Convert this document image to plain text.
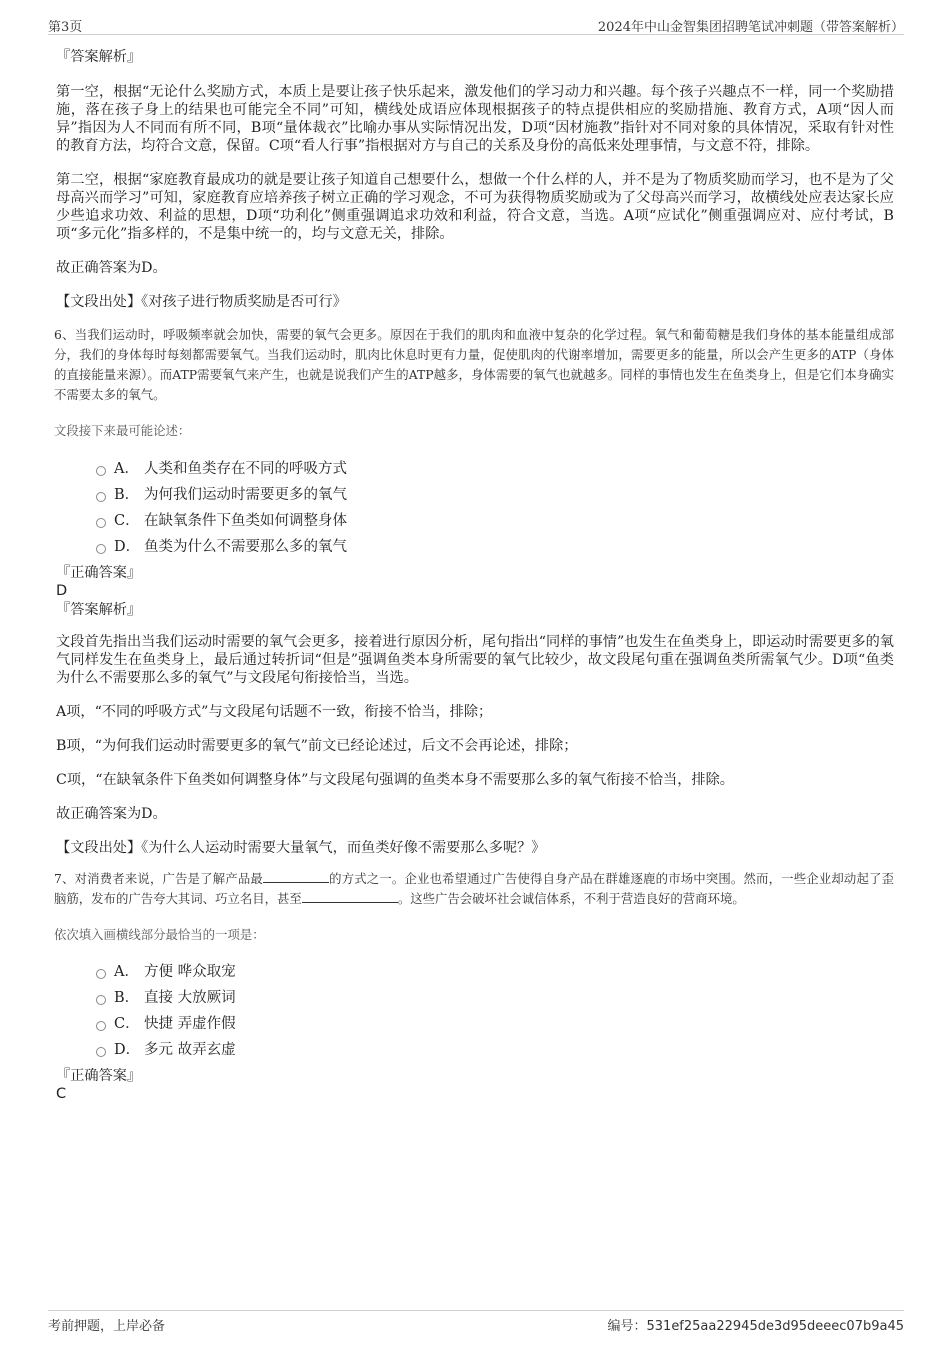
第3页	2024年中山金智集团招聘笔试冲刺题（带答案解析）
『答案解析』

第一空，根据“无论什么奖励方式，本质上是要让孩子快乐起来，激发他们的学习动力和兴趣。每个孩子兴趣点不一样，同一个奖励措施，落在孩子身上的结果也可能完全不同”可知，横线处成语应体现根据孩子的特点提供相应的奖励措施、教育方式，A项“因人而异”指因为人不同而有所不同，B项“量体裁衣”比喻办事从实际情况出发，D项“因材施教”指针对不同对象的具体情况，采取有针对性的教育方法，均符合文意，保留。C项“看人行事”指根据对方与自己的关系及身份的高低来处理事情，与文意不符，排除。

第二空，根据“家庭教育最成功的就是要让孩子知道自己想要什么，想做一个什么样的人，并不是为了物质奖励而学习，也不是为了父母高兴而学习”可知，家庭教育应培养孩子树立正确的学习观念，不可为获得物质奖励或为了父母高兴而学习，故横线处应表达家长应少些追求功效、利益的思想，D项“功利化”侧重强调追求功效和利益，符合文意，当选。A项“应试化”侧重强调应对、应付考试，B项“多元化”指多样的，不是集中统一的，均与文意无关，排除。

故正确答案为D。

【文段出处】《对孩子进行物质奖励是否可行》

6、当我们运动时，呼吸频率就会加快，需要的氧气会更多。原因在于我们的肌肉和血液中复杂的化学过程。氧气和葡萄糖是我们身体的基本能量组成部分，我们的身体每时每刻都需要氧气。当我们运动时，肌肉比休息时更有力量，促使肌肉的代谢率增加，需要更多的能量，所以会产生更多的ATP（身体的直接能量来源）。而ATP需要氧气来产生，也就是说我们产生的ATP越多，身体需要的氧气也就越多。同样的事情也发生在鱼类身上，但是它们本身确实不需要太多的氧气。
文段接下来最可能论述：
A． 人类和鱼类存在不同的呼吸方式
B． 为何我们运动时需要更多的氧气
C． 在缺氧条件下鱼类如何调整身体
D． 鱼类为什么不需要那么多的氧气
『正确答案』
D
『答案解析』

文段首先指出当我们运动时需要的氧气会更多，接着进行原因分析，尾句指出“同样的事情”也发生在鱼类身上，即运动时需要更多的氧气同样发生在鱼类身上，最后通过转折词“但是”强调鱼类本身所需要的氧气比较少，故文段尾句重在强调鱼类所需氧气少。D项“鱼类为什么不需要那么多的氧气”与文段尾句衔接恰当，当选。

A项，“不同的呼吸方式”与文段尾句话题不一致，衔接不恰当，排除；

B项，“为何我们运动时需要更多的氧气”前文已经论述过，后文不会再论述，排除；

C项，“在缺氧条件下鱼类如何调整身体”与文段尾句强调的鱼类本身不需要那么多的氧气衔接不恰当，排除。

故正确答案为D。

【文段出处】《为什么人运动时需要大量氧气，而鱼类好像不需要那么多呢？》

7、对消费者来说，广告是了解产品最	的方式之一。企业也希望通过广告使得自身产品在群雄逐鹿的市场中突围。然而，一些企业却动起了歪脑筋，发布的广告夸大其词、巧立名目，甚至	。这些广告会破坏社会诚信体系，不利于营造良好的营商环境。
依次填入画横线部分最恰当的一项是：
A． 方便 哗众取宠
B． 直接 大放厥词
C． 快捷 弄虚作假
D． 多元 故弄玄虚
『正确答案』
C
考前押题，上岸必备	编号：531ef25aa22945de3d95deeec07b9a45
